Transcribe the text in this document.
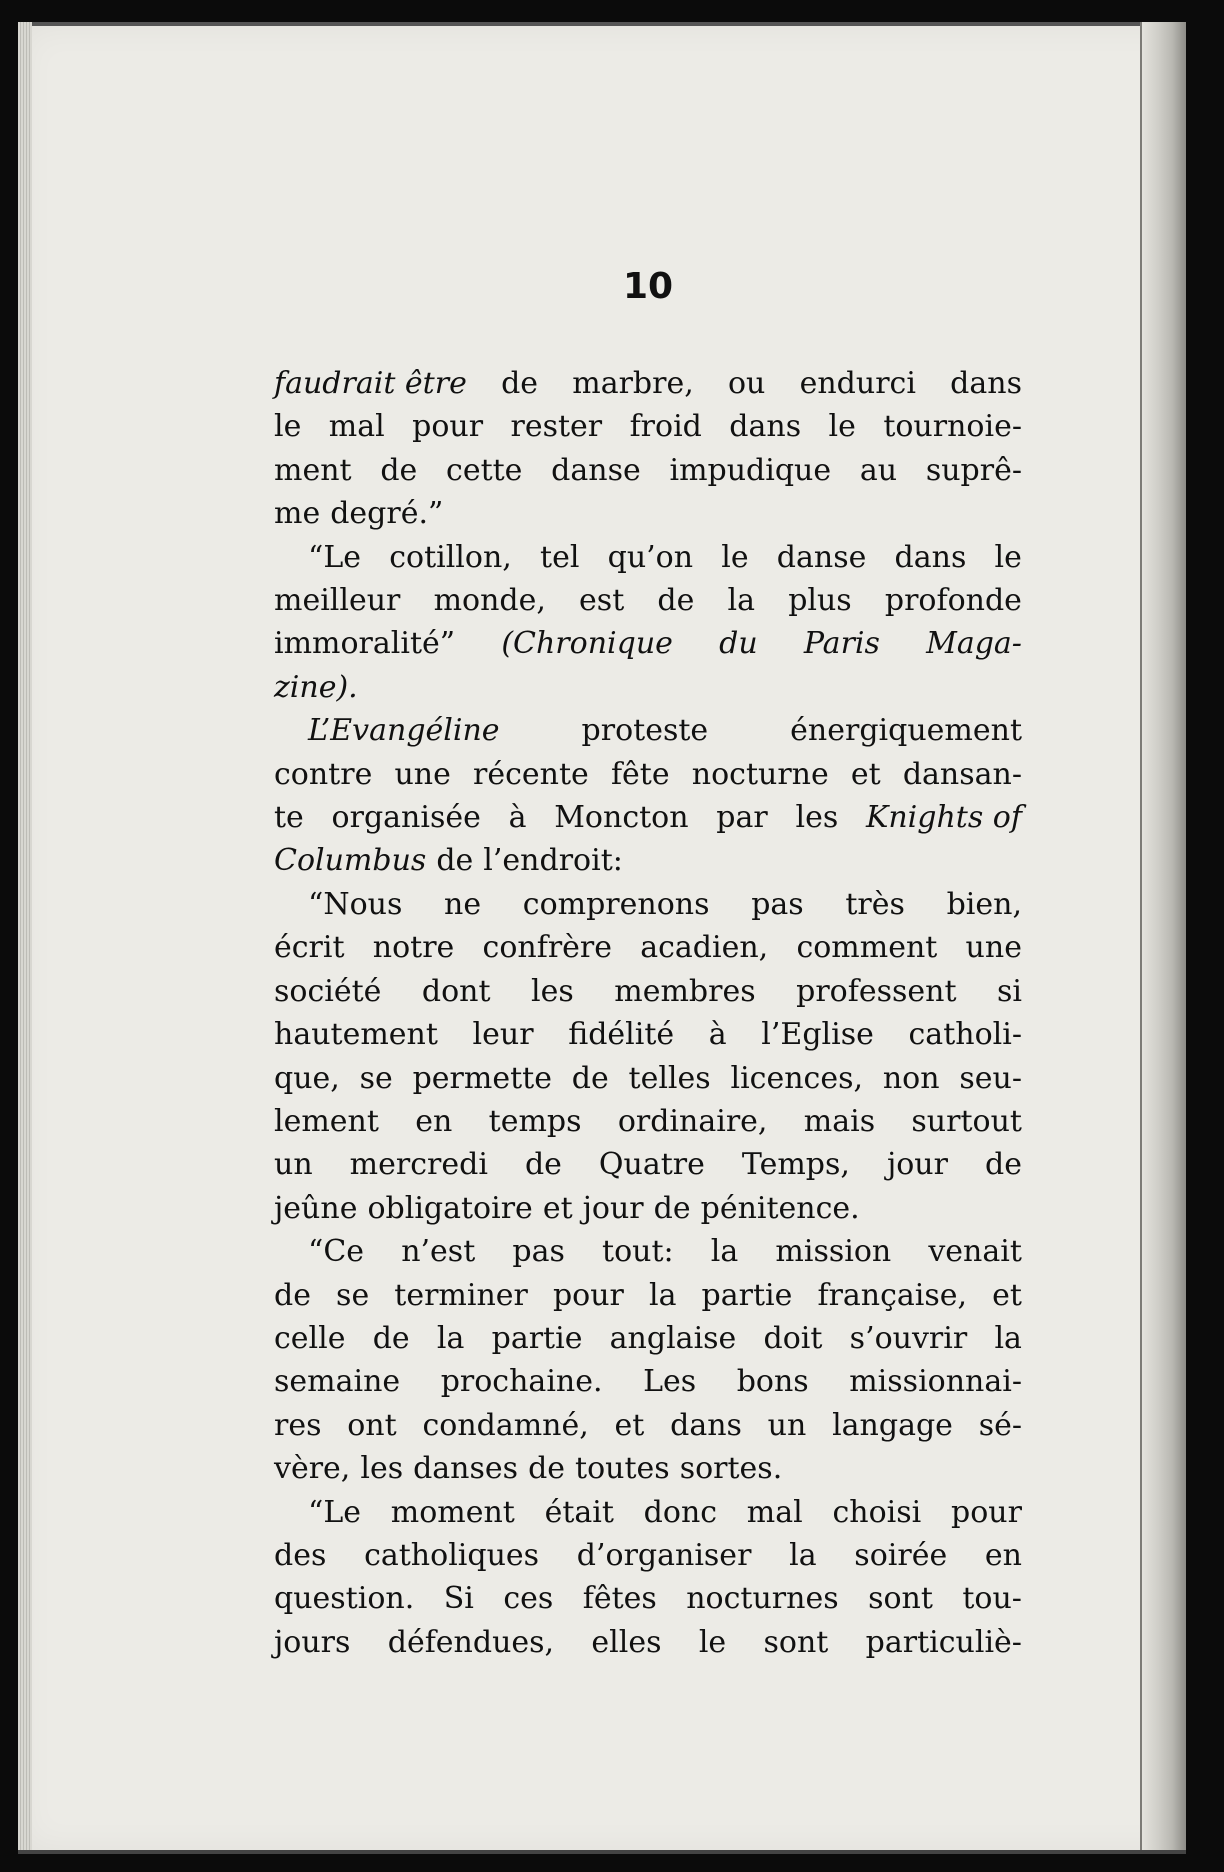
10
faudrait être de marbre, ou endurci dans
le mal pour rester froid dans le tournoie-
ment de cette danse impudique au suprê-
me degré.”
“Le cotillon, tel qu’on le danse dans le
meilleur monde, est de la plus profonde
immoralité” (Chronique du Paris Maga-
zine).
L’Evangéline	proteste	énergiquement
contre une récente fête nocturne et dansan-
te organisée à Moncton par les Knights of
Columbus de l’endroit:
“Nous ne comprenons pas très bien,
écrit notre confrère acadien, comment une
société dont les membres professent si
hautement leur fidélité à l’Eglise catholi-
que, se permette de telles licences, non seu-
lement en temps ordinaire, mais surtout
un mercredi de Quatre Temps, jour de
jeûne obligatoire et jour de pénitence.
“Ce n’est pas tout: la mission venait
de se terminer pour la partie française, et
celle de la partie anglaise doit s’ouvrir la
semaine prochaine. Les bons missionnai-
res ont condamné, et dans un langage sé-
vère, les danses de toutes sortes.
“Le moment était donc mal choisi pour
des catholiques d’organiser la soirée en
question. Si ces fêtes nocturnes sont tou-
jours défendues, elles le sont particuliè-
